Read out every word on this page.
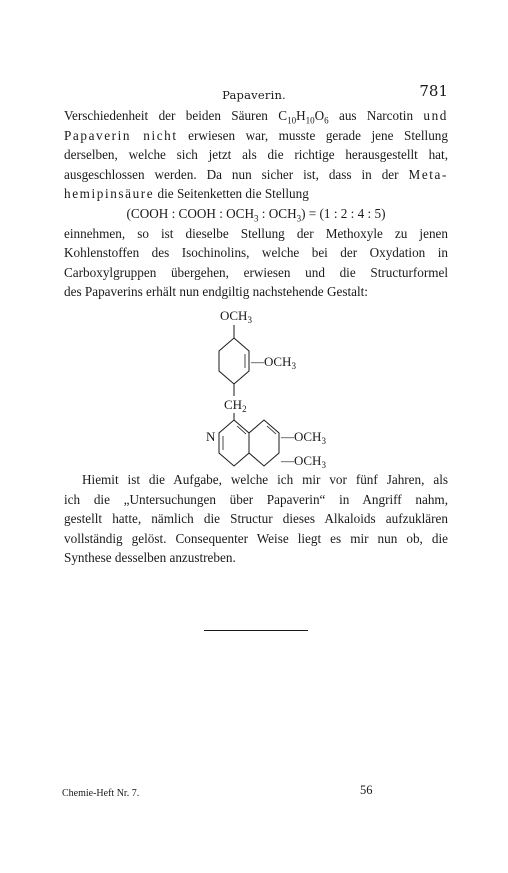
Papaverin.	781
Verschiedenheit der beiden Säuren $C_{10}H_{10}O_6$ aus Narcotin und
Papaverin nicht erwiesen war, musste gerade jene Stellung
derselben, welche sich jetzt als die richtige herausgestellt hat,
ausgeschlossen werden. Da nun sicher ist, dass in der Meta-
hemipinsäure die Seitenketten die Stellung
(COOH : COOH : $OCH_3$ : $OCH_3) = (1$ : 2 : 4 : 5)
einnehmen, so ist dieselbe Stellung der Methoxyle zu jenen
Kohlenstoffen des Isochinolins, welche bei der Oxydation in
Carboxylgruppen übergehen, erwiesen und die Structurformel
des Papaverins erhält nun endgiltig nachstehende Gestalt:
$OCH_3$
$—OCH_3$
$CH_2$
N	$—OCH_3$
$—OCH_3$
Hiemit ist die Aufgabe, welche ich mir vor fünf Jahren, als
ich die „Untersuchungen über Papaverin“ in Angriff nahm,
gestellt hatte, nämlich die Structur dieses Alkaloids aufzuklären
vollständig gelöst. Consequenter Weise liegt es mir nun ob, die
Synthese desselben anzustreben.
Chemie-Heft Nr. 7.	56
